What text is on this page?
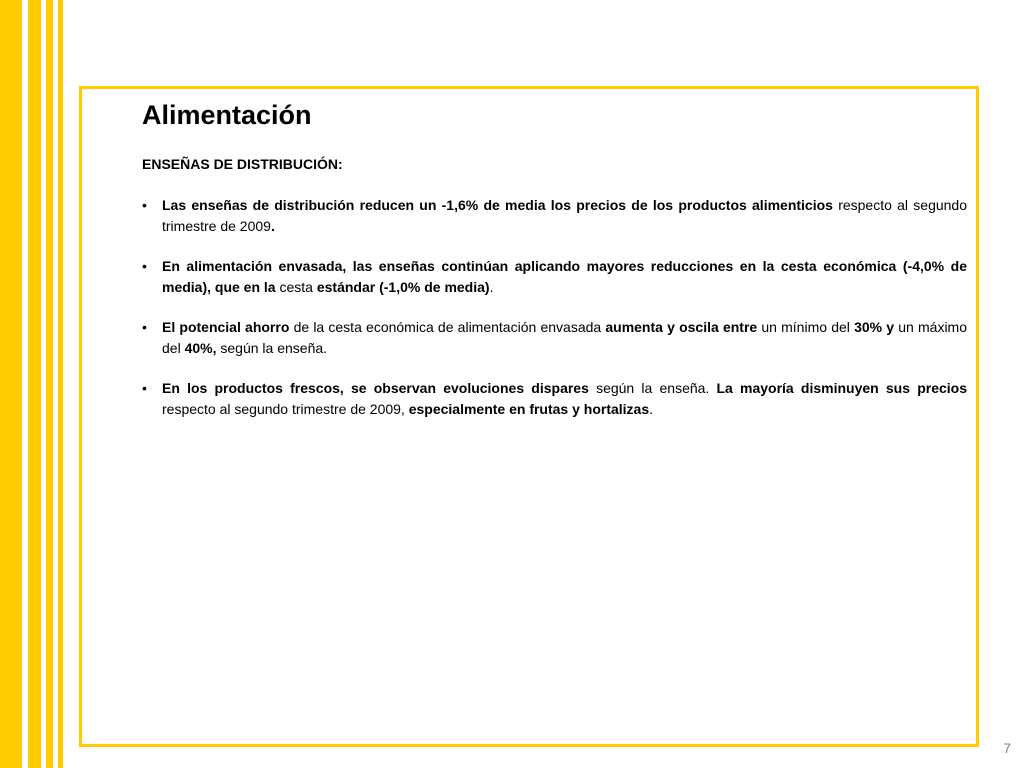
Alimentación
ENSEÑAS DE DISTRIBUCIÓN:
• Las enseñas de distribución reducen un -1,6% de media los precios de los productos alimenticios respecto al segundo trimestre de 2009.
• En alimentación envasada, las enseñas continúan aplicando mayores reducciones en la cesta económica (-4,0% de media), que en la cesta estándar (-1,0% de media).
• El potencial ahorro de la cesta económica de alimentación envasada aumenta y oscila entre un mínimo del 30% y un máximo del 40%, según la enseña.
• En los productos frescos, se observan evoluciones dispares según la enseña. La mayoría disminuyen sus precios respecto al segundo trimestre de 2009, especialmente en frutas y hortalizas.
7
